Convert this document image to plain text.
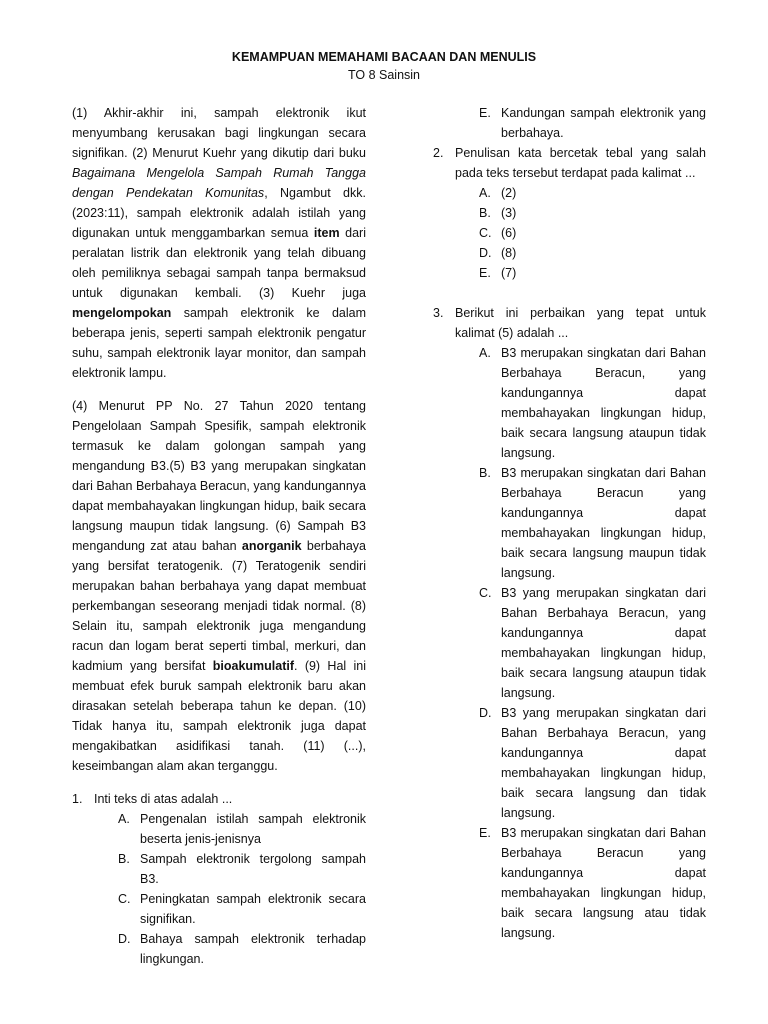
KEMAMPUAN MEMAHAMI BACAAN DAN MENULIS
TO 8 Sainsin

(1) Akhir-akhir ini, sampah elektronik ikut menyumbang kerusakan bagi lingkungan secara signifikan. (2) Menurut Kuehr yang dikutip dari buku Bagaimana Mengelola Sampah Rumah Tangga dengan Pendekatan Komunitas, Ngambut dkk. (2023:11), sampah elektronik adalah istilah yang digunakan untuk menggambarkan semua item dari peralatan listrik dan elektronik yang telah dibuang oleh pemiliknya sebagai sampah tanpa bermaksud untuk digunakan kembali. (3) Kuehr juga mengelompokan sampah elektronik ke dalam beberapa jenis, seperti sampah elektronik pengatur suhu, sampah elektronik layar monitor, dan sampah elektronik lampu.

(4) Menurut PP No. 27 Tahun 2020 tentang Pengelolaan Sampah Spesifik, sampah elektronik termasuk ke dalam golongan sampah yang mengandung B3.(5) B3 yang merupakan singkatan dari Bahan Berbahaya Beracun, yang kandungannya dapat membahayakan lingkungan hidup, baik secara langsung maupun tidak langsung. (6) Sampah B3 mengandung zat atau bahan anorganik berbahaya yang bersifat teratogenik. (7) Teratogenik sendiri merupakan bahan berbahaya yang dapat membuat perkembangan seseorang menjadi tidak normal. (8) Selain itu, sampah elektronik juga mengandung racun dan logam berat seperti timbal, merkuri, dan kadmium yang bersifat bioakumulatif. (9) Hal ini membuat efek buruk sampah elektronik baru akan dirasakan setelah beberapa tahun ke depan. (10) Tidak hanya itu, sampah elektronik juga dapat mengakibatkan asidifikasi tanah. (11) (...), keseimbangan alam akan terganggu.

1. Inti teks di atas adalah ...
A. Pengenalan istilah sampah elektronik beserta jenis-jenisnya
B. Sampah elektronik tergolong sampah B3.
C. Peningkatan sampah elektronik secara signifikan.
D. Bahaya sampah elektronik terhadap lingkungan.
E. Kandungan sampah elektronik yang berbahaya.
2. Penulisan kata bercetak tebal yang salah pada teks tersebut terdapat pada kalimat ...
A. (2)
B. (3)
C. (6)
D. (8)
E. (7)
3. Berikut ini perbaikan yang tepat untuk kalimat (5) adalah ...
A. B3 merupakan singkatan dari Bahan Berbahaya Beracun, yang kandungannya dapat membahayakan lingkungan hidup, baik secara langsung ataupun tidak langsung.
B. B3 merupakan singkatan dari Bahan Berbahaya Beracun yang kandungannya dapat membahayakan lingkungan hidup, baik secara langsung maupun tidak langsung.
C. B3 yang merupakan singkatan dari Bahan Berbahaya Beracun, yang kandungannya dapat membahayakan lingkungan hidup, baik secara langsung ataupun tidak langsung.
D. B3 yang merupakan singkatan dari Bahan Berbahaya Beracun, yang kandungannya dapat membahayakan lingkungan hidup, baik secara langsung dan tidak langsung.
E. B3 merupakan singkatan dari Bahan Berbahaya Beracun yang kandungannya dapat membahayakan lingkungan hidup, baik secara langsung atau tidak langsung.
